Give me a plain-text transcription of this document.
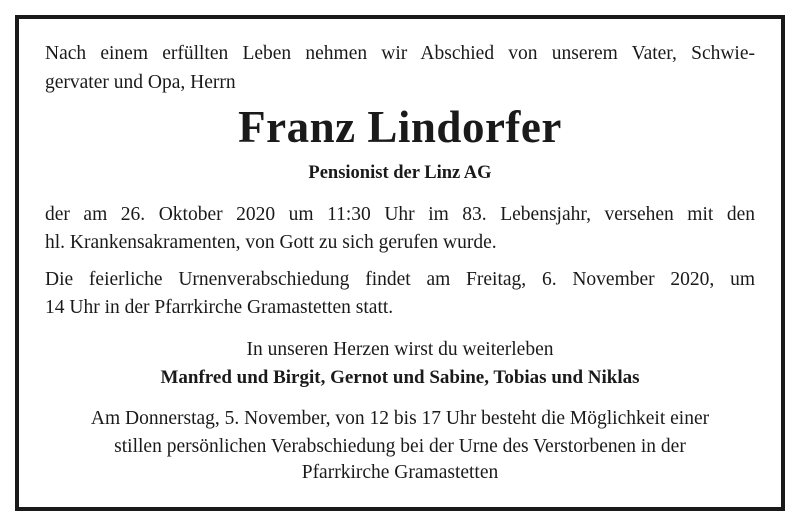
Nach einem erfüllten Leben nehmen wir Abschied von unserem Vater, Schwie-
gervater und Opa, Herrn
Franz Lindorfer
Pensionist der Linz AG
der am 26. Oktober 2020 um 11:30 Uhr im 83. Lebensjahr, versehen mit den
hl. Krankensakramenten, von Gott zu sich gerufen wurde.
Die feierliche Urnenverabschiedung findet am Freitag, 6. November 2020, um
14 Uhr in der Pfarrkirche Gramastetten statt.
In unseren Herzen wirst du weiterleben
Manfred und Birgit, Gernot und Sabine, Tobias und Niklas
Am Donnerstag, 5. November, von 12 bis 17 Uhr besteht die Möglichkeit einer
stillen persönlichen Verabschiedung bei der Urne des Verstorbenen in der
Pfarrkirche Gramastetten
